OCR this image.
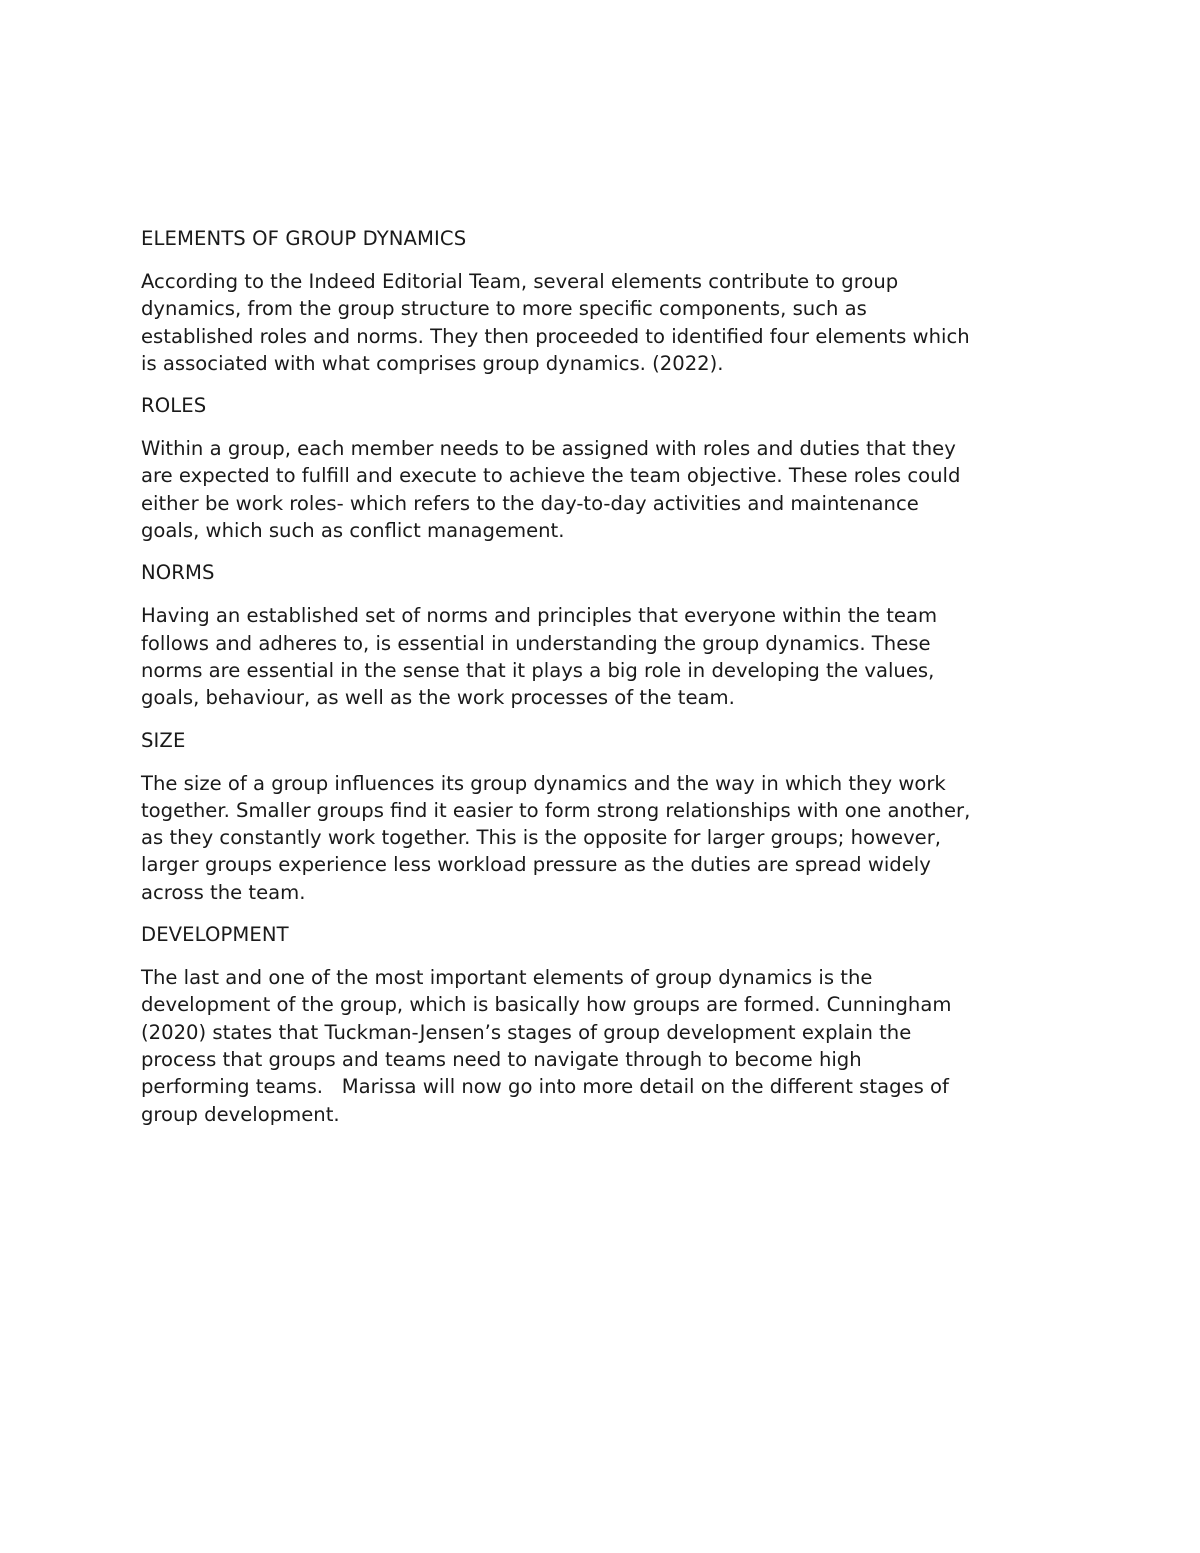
ELEMENTS OF GROUP DYNAMICS
According to the Indeed Editorial Team, several elements contribute to group
dynamics, from the group structure to more specific components, such as
established roles and norms. They then proceeded to identified four elements which
is associated with what comprises group dynamics. (2022).
ROLES
Within a group, each member needs to be assigned with roles and duties that they
are expected to fulfill and execute to achieve the team objective. These roles could
either be work roles- which refers to the day-to-day activities and maintenance
goals, which such as conflict management.
NORMS
Having an established set of norms and principles that everyone within the team
follows and adheres to, is essential in understanding the group dynamics. These
norms are essential in the sense that it plays a big role in developing the values,
goals, behaviour, as well as the work processes of the team.
SIZE
The size of a group influences its group dynamics and the way in which they work
together. Smaller groups find it easier to form strong relationships with one another,
as they constantly work together. This is the opposite for larger groups; however,
larger groups experience less workload pressure as the duties are spread widely
across the team.
DEVELOPMENT
The last and one of the most important elements of group dynamics is the
development of the group, which is basically how groups are formed. Cunningham
(2020) states that Tuckman-Jensen’s stages of group development explain the
process that groups and teams need to navigate through to become high
performing teams.   Marissa will now go into more detail on the different stages of
group development.
